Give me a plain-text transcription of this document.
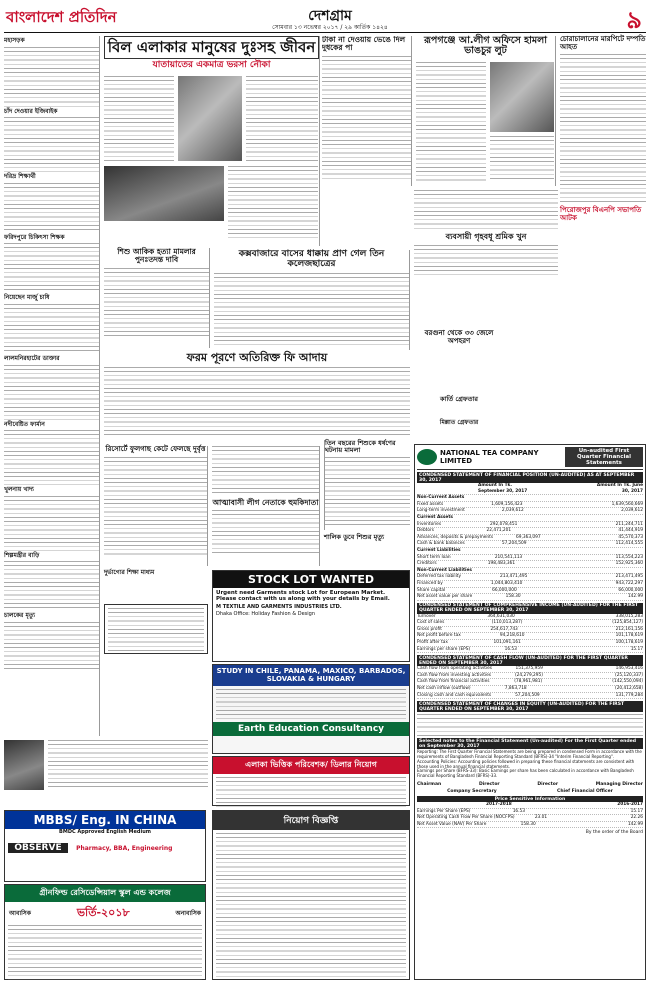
বাংলাদেশ প্রতিদিন	দেশগ্রাম
সোমবার ১৩ নভেম্বর ২০১৭ / ২৯ কার্তিক ১৪২৪	৯
মহাসড়ক
চাঁদ দেওয়ার ইজিবাইক
দরিদ্র শিক্ষার্থী
ফরিদপুরে চিকিৎসা শিক্ষক
নিয়েছেন মার্জু চাষি
লালমনিরহাটের ডাক্তার
নদীবেষ্টিত ফার্মান
খুলনায় খাদ্য
শিল্পমন্ত্রীর বাড়ি
চালকের মৃত্যু
বিল এলাকার মানুষের দুঃসহ জীবন
যাতায়াতের একমাত্র ভরসা নৌকা
টাকা না দেওয়ায় ভেঙে দিল দুধকের পা
রূপগঞ্জে আ.লীগ অফিসে হামলা ভাঙচুর লুট
চোরাচালানের মারপিটে দম্পতি আহত
পিরোজপুর বিএনপি সভাপতি আটক
শিশু আকিক হত্যা মামলার পুনঃতদন্ত দাবি
কক্সবাজারে বাসের ধাক্কায় প্রাণ গেল তিন কলেজছাত্রের
ব্যবসায়ী গৃহবধূ শ্রমিক খুন
বরগুনা থেকে ৩৩ জেলে অপহরণ
ফরম পূরণে অতিরিক্ত ফি আদায়
তিন বছরের শিশুকে ধর্ষণের ঘটনায় মামলা
রিসোর্টে ফুলগাছ কেটে ফেলছে দুর্বৃত্ত
আত্মাবাসী লীগ নেতাকে হুমকিদাতা
শালিক ডুবে শিশুর মৃত্যু
দুর্ভাগ্যের শিক্ষা মাধ্যম
কার্তি গ্রেফতার
মিল্লাত গ্রেফতার
STOCK LOT WANTED
Urgent need Garments stock Lot for European Market. Please contact with us along with your details by Email.
M TEXTILE AND GARMENTS INDUSTRIES LTD.
Dhaka Office: Holiday Fashion & Design
STUDY IN CHILE, PANAMA, MAXICO, BARBADOS, SLOVAKIA & HUNGARY
Earth Education Consultancy
এলাকা ভিত্তিক পরিবেশক/ ডিলার নিয়োগ
MBBS/ Eng. IN CHINA
BMDC Approved English Medium
OBSERVE Pharmacy, BBA, Engineering
নিয়োগ বিজ্ঞপ্তি
গ্রীনফিল্ড রেসিডেন্সিয়াল স্কুল এন্ড কলেজ
আবাসিক	ভর্তি-২০১৮	অনাবাসিক
NATIONAL TEA COMPANY LIMITED
Un-audited First Quarter Financial Statements
CONDENSED STATEMENT OF FINANCIAL POSITION (UN-AUDITED) AS AT SEPTEMBER 30, 2017
Amount In Tk. September 30, 2017
Amount In Tk. June 30, 2017
Non-Current Assets
Fixed assets	1,609,156,423	1,639,560,669
Long-term investment	2,039,612	2,039,612
Current Assets
Inventories	292,078,451	211,244,711
Debtors	22,471,201	41,444,919
Advances, deposits & prepayments	69,363,097	45,570,373
Cash & bank balances	57,204,509	112,414,555
Current Liabilities
Short term loan	210,541,113	113,554,223
Creditors	198,483,361	152,925,360
Non-Current Liabilities
Deferred tax liability	213,471,495	213,471,495
Financed by	1,044,803,410	943,722,297
Share capital	66,000,000	66,000,000
Net asset value per share	158.30	142.99
CONDENSED STATEMENT OF COMPREHENSIVE INCOME (UN-AUDITED) FOR THE FIRST QUARTER ENDED ON SEPTEMBER 30, 2017
Turnover	364,631,030	338,015,283
Cost of sales	(110,013,287)	(125,854,127)
Gross profit	254,617,743	212,161,156
Net profit before tax	94,218,610	101,178,619
Profit after tax	101,091,161	100,178,619
Earnings per share (EPS)	16.53	15.17
CONDENSED STATEMENT OF CASH FLOW (UN-AUDITED) FOR THE FIRST QUARTER ENDED ON SEPTEMBER 30, 2017
Cash flow from operating activities	151,375,959	146,953,416
Cash flow from investing activities	(24,279,295)	(25,120,337)
Cash flow from financial activities	(78,961,981)	(142,550,094)
Net cash inflow (outflow)	7,863,718	(20,412,658)
Closing cash and cash equivalents	57,204,509	131,779,284
CONDENSED STATEMENT OF CHANGES IN EQUITY (UN-AUDITED) FOR THE FIRST QUARTER ENDED ON SEPTEMBER 30, 2017
Selected notes to the Financial Statement (Un-audited) For the First Quarter ended on September 30, 2017
Reporting: The First Quarter Financial Statements are being prepared in condensed Form in accordance with the requirements of Bangladesh Financial Reporting Standard (BFRS)-34 "Interim Financial Reporting".
Accounting Policies: Accounting policies followed in preparing these financial statements are consistent with those used in the annual financial statements.
Earnings per Share (BFRS-33): Basic Earnings per share has been calculated in accordance with Bangladesh Financial Reporting Standard (BFRS)-33.
Chairman	Director	Director	Managing Director
Company Secretary	Chief Financial Officer
Price Sensitive Information
2017-2018	2016-2017
Earnings Per Share (EPS)	16.53	15.17
Net Operating Cash Flow Per Share (NOCFPS)	23.01	22.26
Net Asset Value (NAV) Per Share	158.30	142.99
By the order of the Board
